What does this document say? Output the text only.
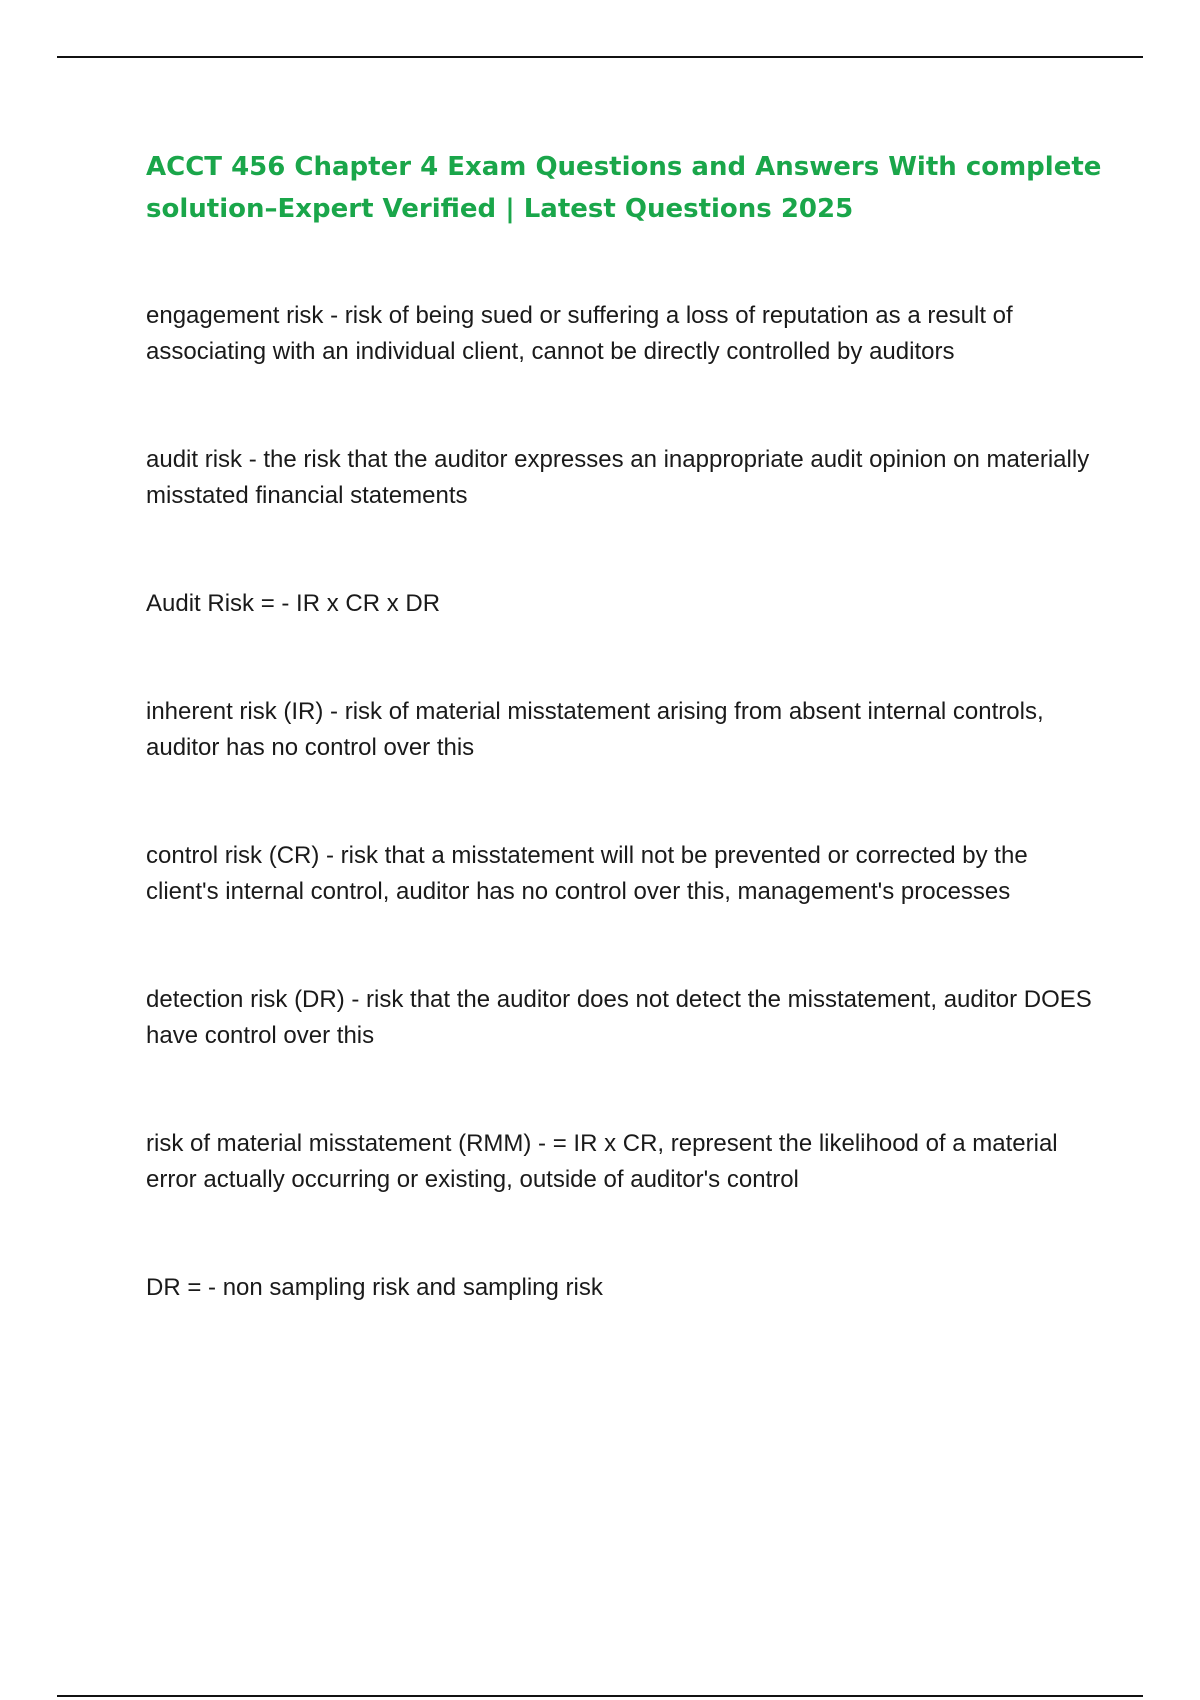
ACCT 456 Chapter 4 Exam Questions and Answers With complete solution–Expert Verified | Latest Questions 2025
engagement risk - risk of being sued or suffering a loss of reputation as a result of associating with an individual client, cannot be directly controlled by auditors
audit risk - the risk that the auditor expresses an inappropriate audit opinion on materially misstated financial statements
Audit Risk = - IR x CR x DR
inherent risk (IR) - risk of material misstatement arising from absent internal controls, auditor has no control over this
control risk (CR) - risk that a misstatement will not be prevented or corrected by the client's internal control, auditor has no control over this, management's processes
detection risk (DR) - risk that the auditor does not detect the misstatement, auditor DOES have control over this
risk of material misstatement (RMM) - = IR x CR, represent the likelihood of a material error actually occurring or existing, outside of auditor's control
DR = - non sampling risk and sampling risk
